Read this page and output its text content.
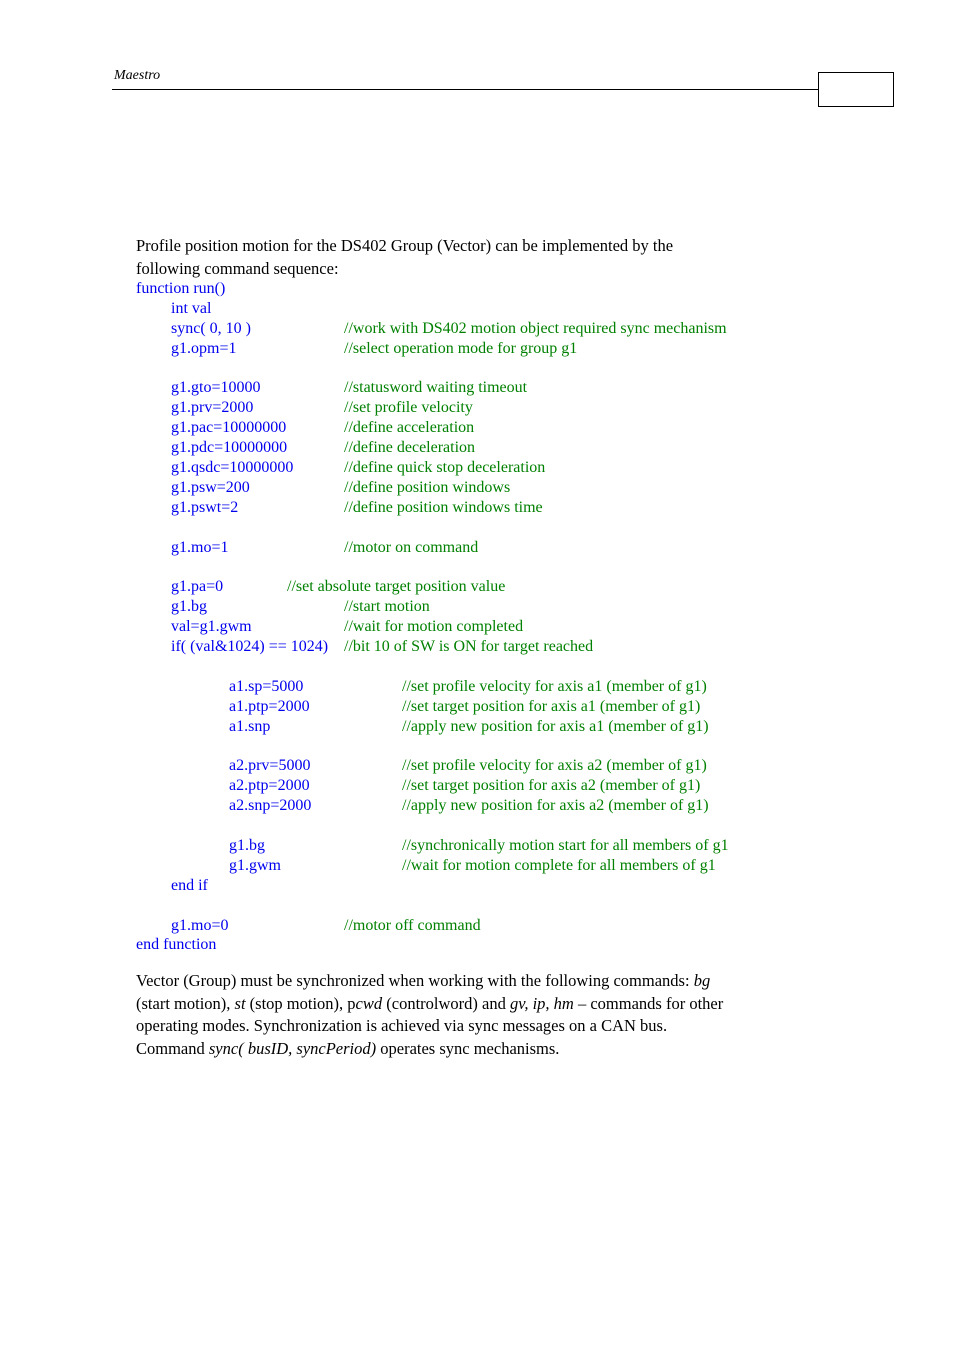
Maestro
Profile position motion for the DS402 Group (Vector) can be implemented by the
following command sequence:
function run()
int val
sync( 0, 10 )	//work with DS402 motion object required sync mechanism
g1.opm=1	//select operation mode for group g1
g1.gto=10000	//statusword waiting timeout
g1.prv=2000	//set profile velocity
g1.pac=10000000	//define acceleration
g1.pdc=10000000	//define deceleration
g1.qsdc=10000000	//define quick stop deceleration
g1.psw=200	//define position windows
g1.pswt=2	//define position windows time
g1.mo=1	//motor on command
g1.pa=0	//set absolute target position value
g1.bg	//start motion
val=g1.gwm	//wait for motion completed
if( (val&1024) == 1024) //bit 10 of SW is ON for target reached
a1.sp=5000	//set profile velocity for axis a1 (member of g1)
a1.ptp=2000	//set target position for axis a1 (member of g1)
a1.snp	//apply new position for axis a1 (member of g1)
a2.prv=5000	//set profile velocity for axis a2 (member of g1)
a2.ptp=2000	//set target position for axis a2 (member of g1)
a2.snp=2000	//apply new position for axis a2 (member of g1)
g1.bg	//synchronically motion start for all members of g1
g1.gwm	//wait for motion complete for all members of g1
end if
g1.mo=0	//motor off command
end function

Vector (Group) must be synchronized when working with the following commands: bg

(start motion), st (stop motion), pcwd (controlword) and gv, ip, hm – commands for other

operating modes. Synchronization is achieved via sync messages on a CAN bus.

Command sync( busID, syncPeriod) operates sync mechanisms.
